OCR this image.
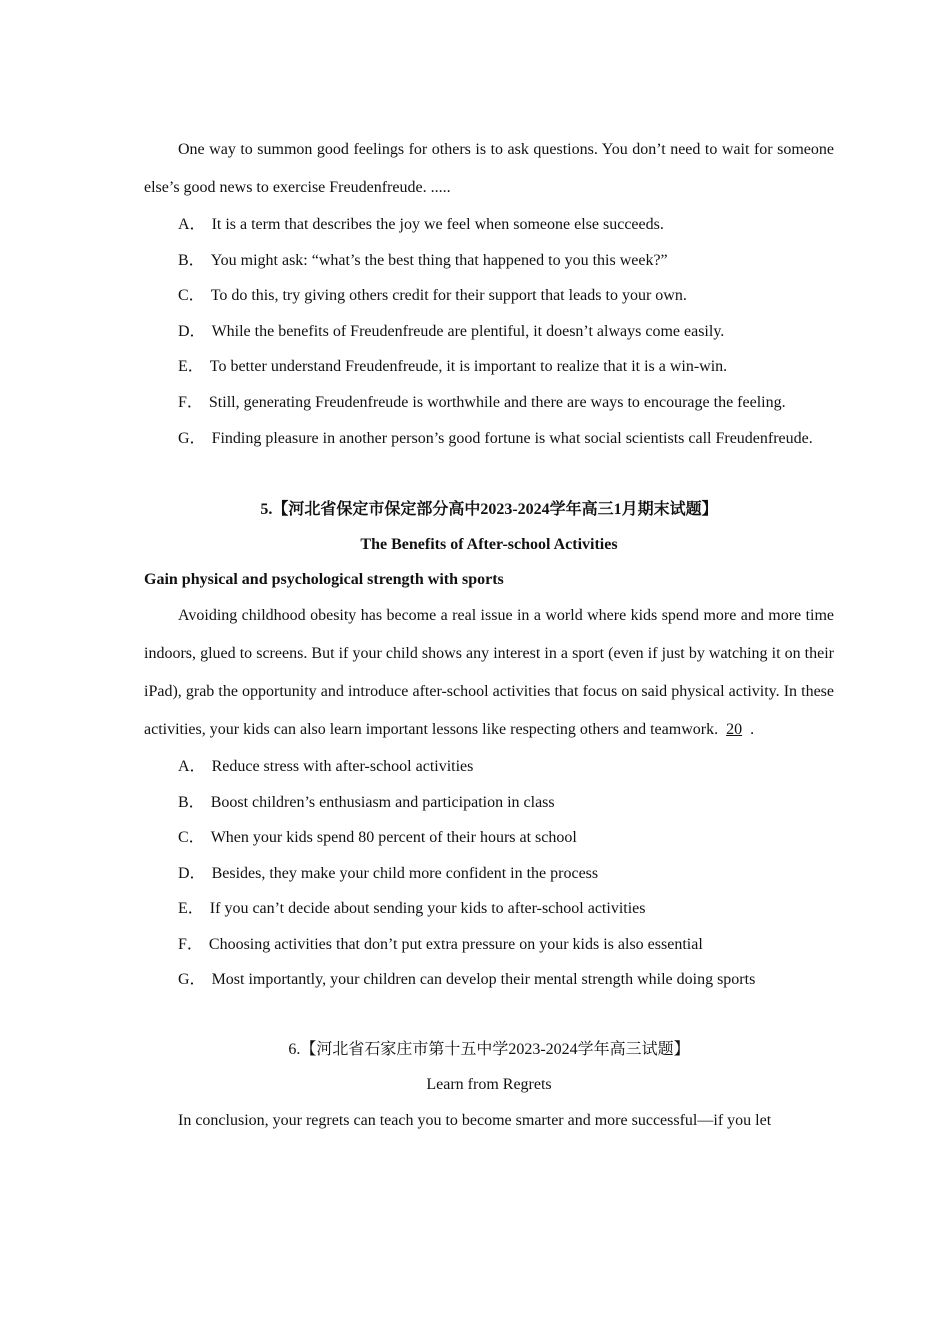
One way to summon good feelings for others is to ask questions. You don’t need to wait for someone else’s good news to exercise Freudenfreude. .....

A． It is a term that describes the joy we feel when someone else succeeds.

B． You might ask: “what’s the best thing that happened to you this week?”

C． To do this, try giving others credit for their support that leads to your own.

D． While the benefits of Freudenfreude are plentiful, it doesn’t always come easily.

E． To better understand Freudenfreude, it is important to realize that it is a win-win.

F． Still, generating Freudenfreude is worthwhile and there are ways to encourage the feeling.

G． Finding pleasure in another person’s good fortune is what social scientists call Freudenfreude.

5.【河北省保定市保定部分高中2023-2024学年高三1月期末试题】

The Benefits of After-school Activities

Gain physical and psychological strength with sports

Avoiding childhood obesity has become a real issue in a world where kids spend more and more time indoors, glued to screens. But if your child shows any interest in a sport (even if just by watching it on their iPad), grab the opportunity and introduce after-school activities that focus on said physical activity. In these activities, your kids can also learn important lessons like respecting others and teamwork. 20 .

A． Reduce stress with after-school activities

B． Boost children’s enthusiasm and participation in class

C． When your kids spend 80 percent of their hours at school

D． Besides, they make your child more confident in the process

E． If you can’t decide about sending your kids to after-school activities

F． Choosing activities that don’t put extra pressure on your kids is also essential

G． Most importantly, your children can develop their mental strength while doing sports

6.【河北省石家庄市第十五中学2023-2024学年高三试题】

Learn from Regrets

In conclusion, your regrets can teach you to become smarter and more successful—if you let
